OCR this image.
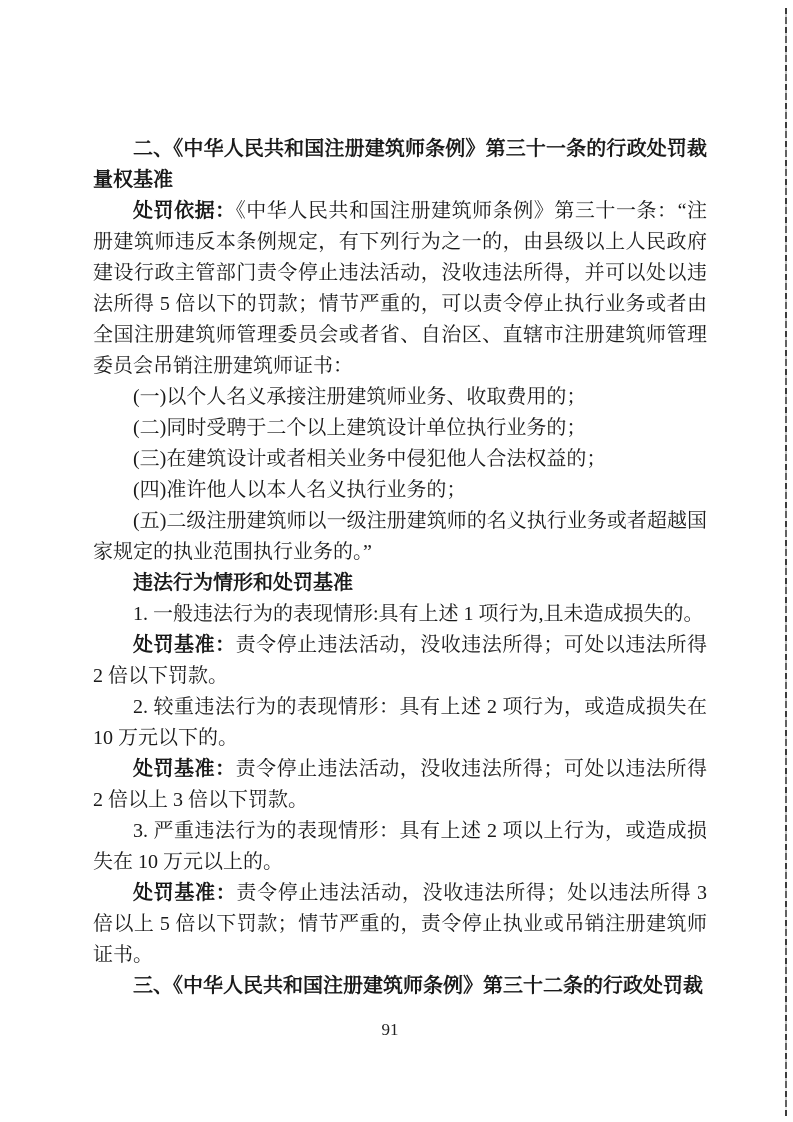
二、《中华人民共和国注册建筑师条例》第三十一条的行政处罚裁量权基准
处罚依据：《中华人民共和国注册建筑师条例》第三十一条：“注册建筑师违反本条例规定，有下列行为之一的，由县级以上人民政府建设行政主管部门责令停止违法活动，没收违法所得，并可以处以违法所得 5 倍以下的罚款；情节严重的，可以责令停止执行业务或者由全国注册建筑师管理委员会或者省、自治区、直辖市注册建筑师管理委员会吊销注册建筑师证书：
(一)以个人名义承接注册建筑师业务、收取费用的；
(二)同时受聘于二个以上建筑设计单位执行业务的；
(三)在建筑设计或者相关业务中侵犯他人合法权益的；
(四)准许他人以本人名义执行业务的；
(五)二级注册建筑师以一级注册建筑师的名义执行业务或者超越国家规定的执业范围执行业务的。”
违法行为情形和处罚基准
1. 一般违法行为的表现情形:具有上述 1 项行为,且未造成损失的。
处罚基准：责令停止违法活动，没收违法所得；可处以违法所得 2 倍以下罚款。
2. 较重违法行为的表现情形：具有上述 2 项行为，或造成损失在 10 万元以下的。
处罚基准：责令停止违法活动，没收违法所得；可处以违法所得 2 倍以上 3 倍以下罚款。
3. 严重违法行为的表现情形：具有上述 2 项以上行为，或造成损失在 10 万元以上的。
处罚基准：责令停止违法活动，没收违法所得；处以违法所得 3 倍以上 5 倍以下罚款；情节严重的，责令停止执业或吊销注册建筑师证书。
三、《中华人民共和国注册建筑师条例》第三十二条的行政处罚裁
91
